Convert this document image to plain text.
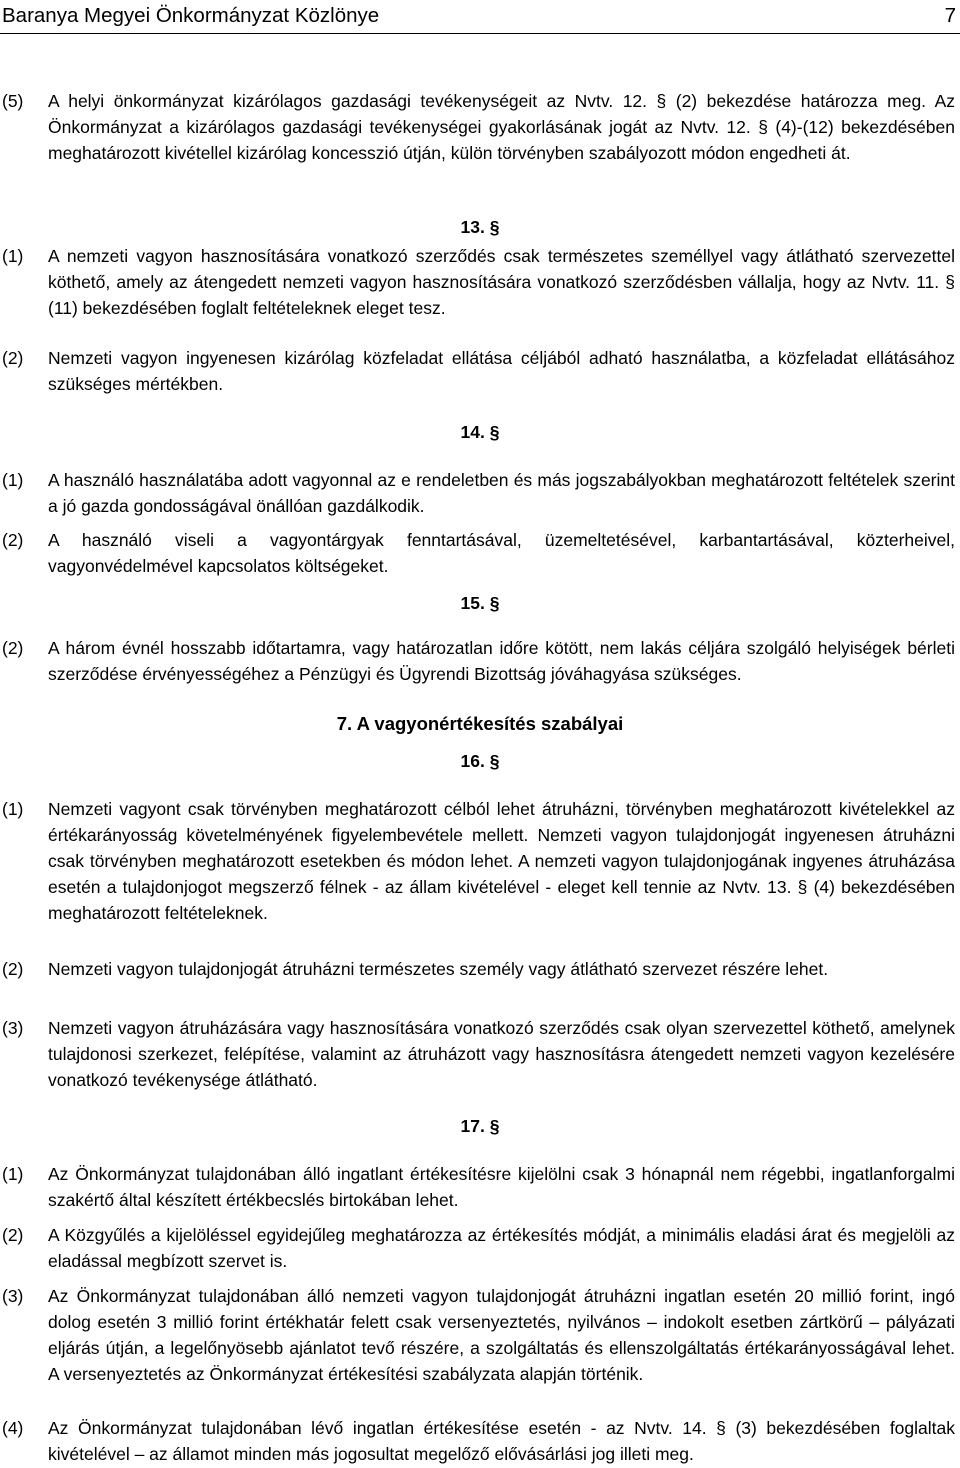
Baranya Megyei Önkormányzat Közlönye	7
(5)	A helyi önkormányzat kizárólagos gazdasági tevékenységeit az Nvtv. 12. § (2) bekezdése határozza meg. Az Önkormányzat a kizárólagos gazdasági tevékenységei gyakorlásának jogát az Nvtv. 12. § (4)-(12) bekezdésében meghatározott kivétellel kizárólag koncesszió útján, külön törvényben szabályozott módon engedheti át.
13. §
(1)	A nemzeti vagyon hasznosítására vonatkozó szerződés csak természetes személlyel vagy átlátható szervezettel köthető, amely az átengedett nemzeti vagyon hasznosítására vonatkozó szerződésben vállalja, hogy az Nvtv. 11. § (11) bekezdésében foglalt feltételeknek eleget tesz.
(2)	Nemzeti vagyon ingyenesen kizárólag közfeladat ellátása céljából adható használatba, a közfeladat ellátásához szükséges mértékben.
14. §
(1)	A használó használatába adott vagyonnal az e rendeletben és más jogszabályokban meghatározott feltételek szerint a jó gazda gondosságával önállóan gazdálkodik.
(2)	A használó viseli a vagyontárgyak fenntartásával, üzemeltetésével, karbantartásával, közterheivel, vagyonvédelmével kapcsolatos költségeket.
15. §
(2)	A három évnél hosszabb időtartamra, vagy határozatlan időre kötött, nem lakás céljára szolgáló helyiségek bérleti szerződése érvényességéhez a Pénzügyi és Ügyrendi Bizottság jóváhagyása szükséges.
7. A vagyonértékesítés szabályai
16. §
(1)	Nemzeti vagyont csak törvényben meghatározott célból lehet átruházni, törvényben meghatározott kivételekkel az értékarányosság követelményének figyelembevétele mellett. Nemzeti vagyon tulajdonjogát ingyenesen átruházni csak törvényben meghatározott esetekben és módon lehet. A nemzeti vagyon tulajdonjogának ingyenes átruházása esetén a tulajdonjogot megszerző félnek - az állam kivételével - eleget kell tennie az Nvtv. 13. § (4) bekezdésében meghatározott feltételeknek.
(2)	Nemzeti vagyon tulajdonjogát átruházni természetes személy vagy átlátható szervezet részére lehet.
(3)	Nemzeti vagyon átruházására vagy hasznosítására vonatkozó szerződés csak olyan szervezettel köthető, amelynek tulajdonosi szerkezet, felépítése, valamint az átruházott vagy hasznosításra átengedett nemzeti vagyon kezelésére vonatkozó tevékenysége átlátható.
17. §
(1)	Az Önkormányzat tulajdonában álló ingatlant értékesítésre kijelölni csak 3 hónapnál nem régebbi, ingatlanforgalmi szakértő által készített értékbecslés birtokában lehet.
(2)	A Közgyűlés a kijelöléssel egyidejűleg meghatározza az értékesítés módját, a minimális eladási árat és megjelöli az eladással megbízott szervet is.
(3)	Az Önkormányzat tulajdonában álló nemzeti vagyon tulajdonjogát átruházni ingatlan esetén 20 millió forint, ingó dolog esetén 3 millió forint értékhatár felett csak versenyeztetés, nyilvános – indokolt esetben zártkörű – pályázati eljárás útján, a legelőnyösebb ajánlatot tevő részére, a szolgáltatás és ellenszolgáltatás értékarányosságával lehet. A versenyeztetés az Önkormányzat értékesítési szabályzata alapján történik.
(4)	Az Önkormányzat tulajdonában lévő ingatlan értékesítése esetén - az Nvtv. 14. § (3) bekezdésében foglaltak kivételével – az államot minden más jogosultat megelőző elővásárlási jog illeti meg.
